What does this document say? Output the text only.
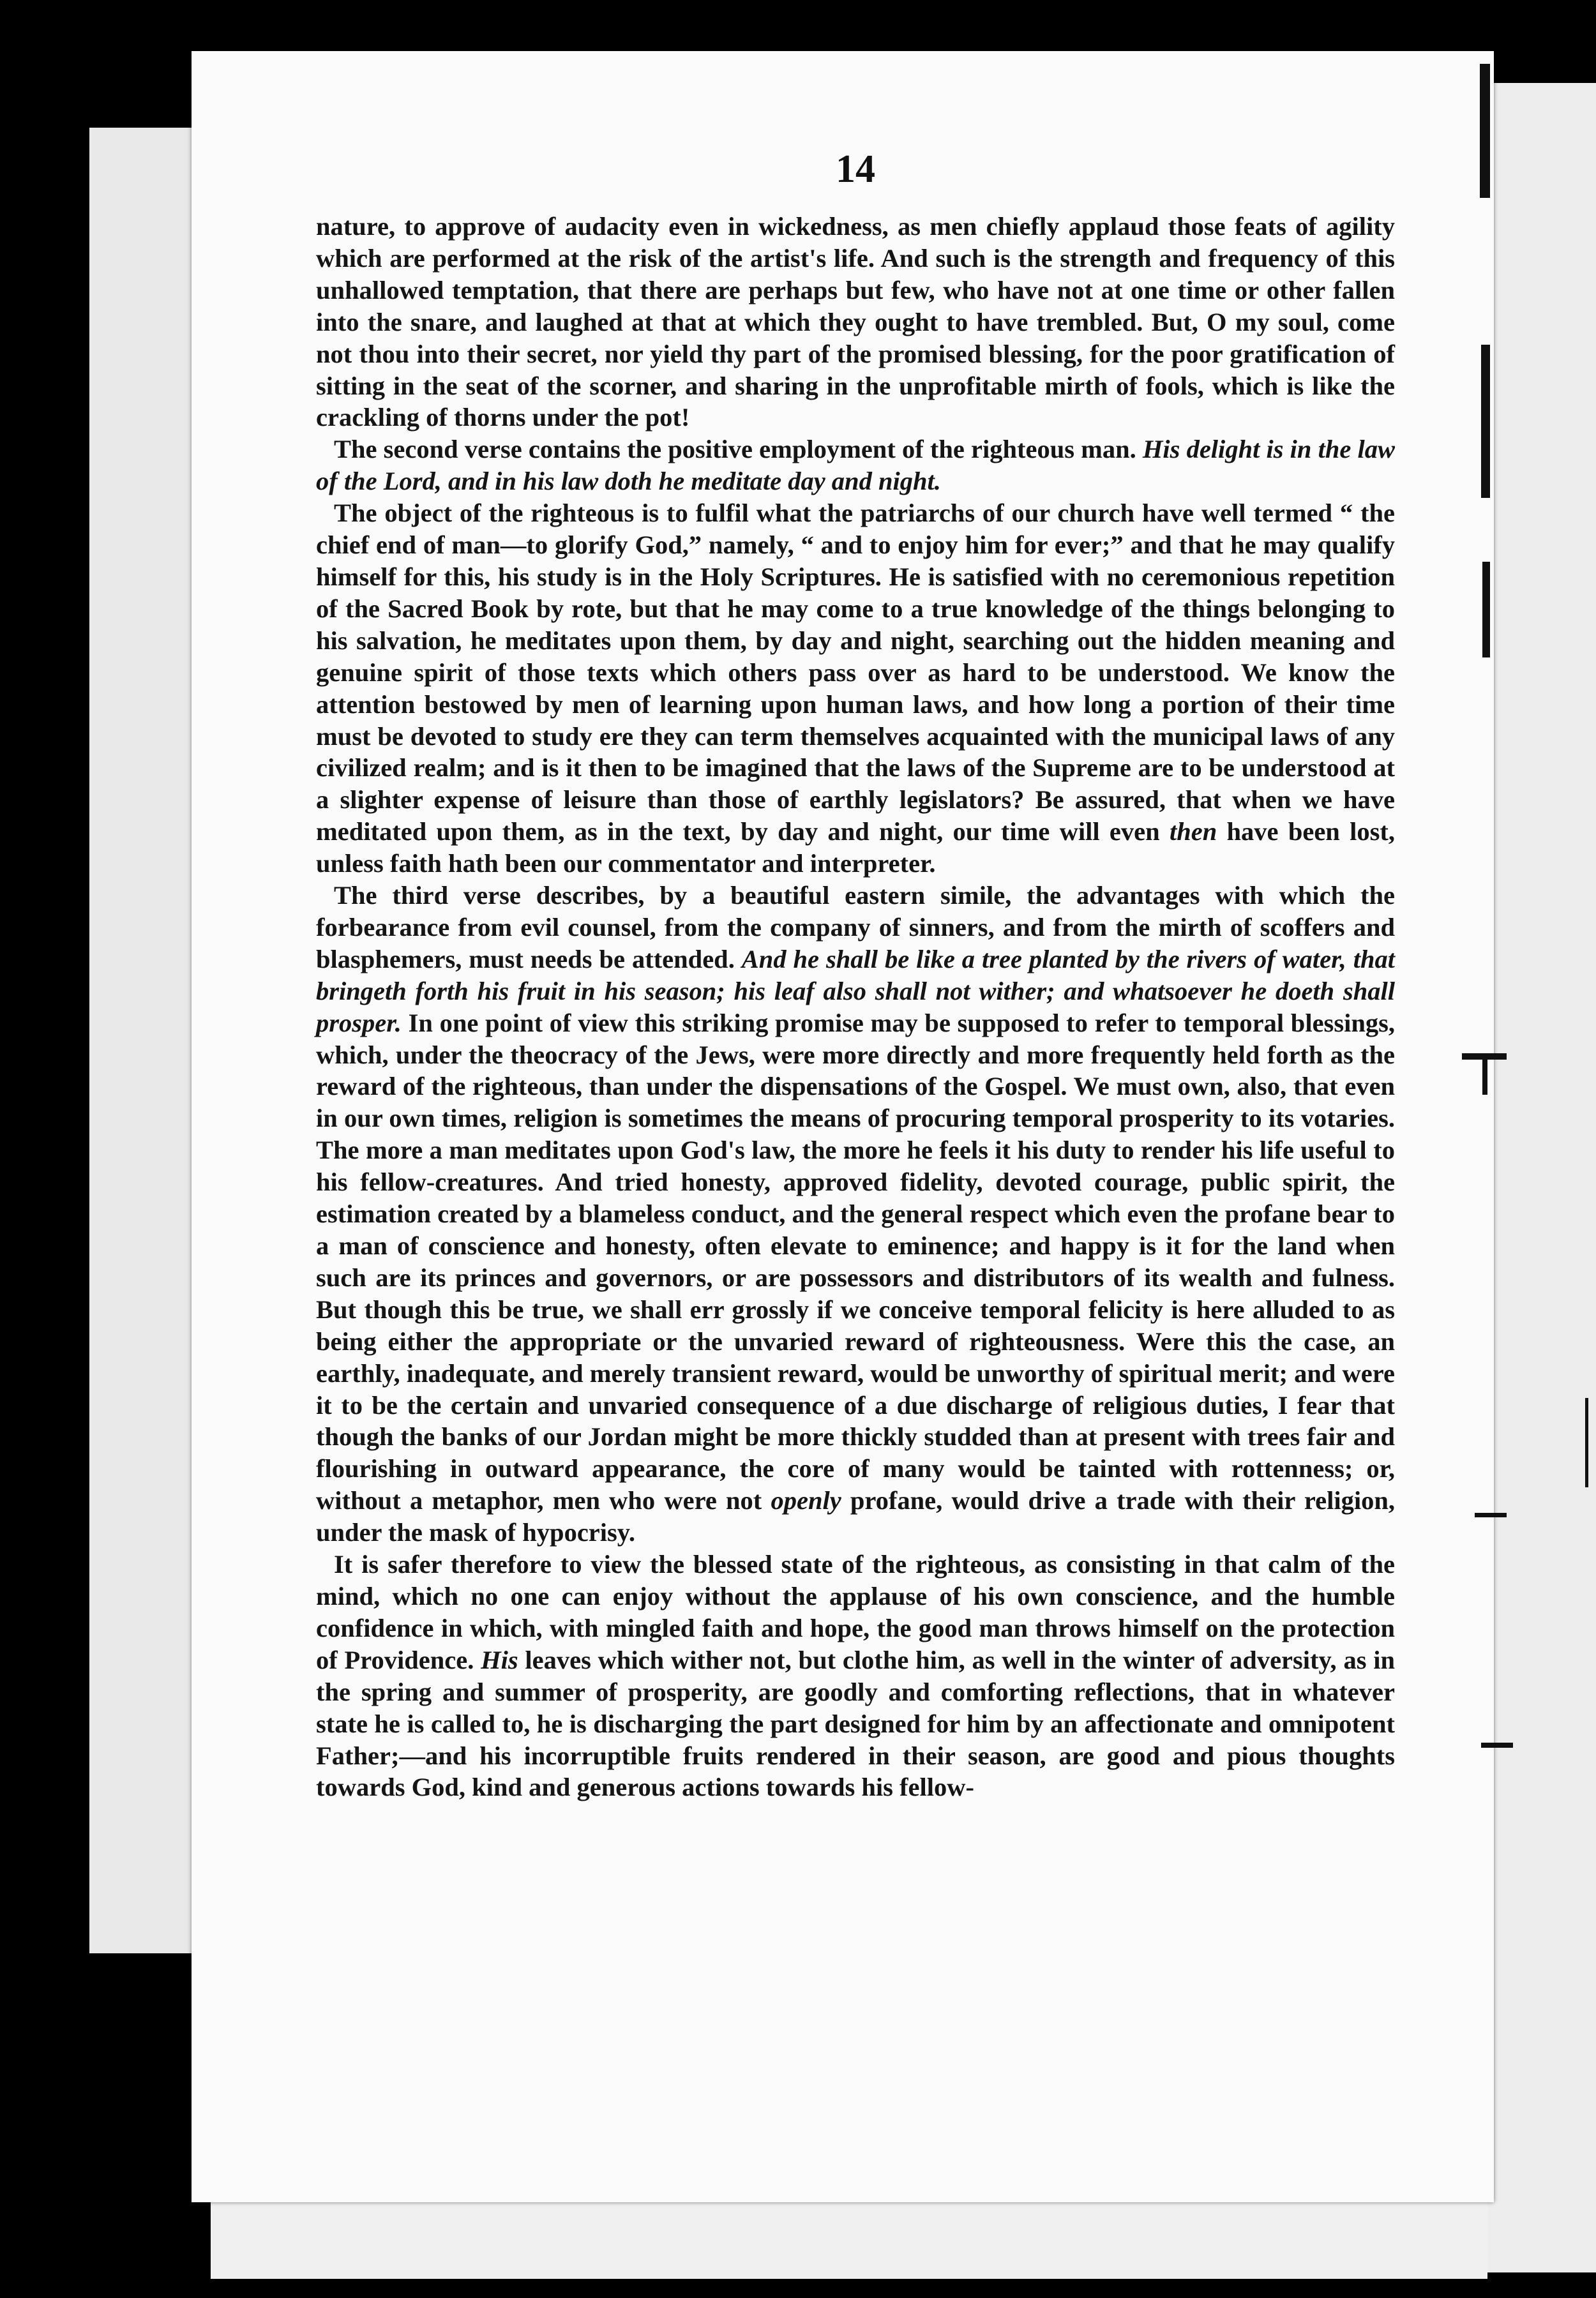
14

nature, to approve of audacity even in wickedness, as men chiefly applaud those feats of agility which are performed at the risk of the artist's life. And such is the strength and frequency of this unhallowed temptation, that there are perhaps but few, who have not at one time or other fallen into the snare, and laughed at that at which they ought to have trembled. But, O my soul, come not thou into their secret, nor yield thy part of the promised blessing, for the poor gratification of sitting in the seat of the scorner, and sharing in the unprofitable mirth of fools, which is like the crackling of thorns under the pot!

The second verse contains the positive employment of the righteous man. His delight is in the law of the Lord, and in his law doth he meditate day and night.

The object of the righteous is to fulfil what the patriarchs of our church have well termed “ the chief end of man—to glorify God,” namely, “ and to enjoy him for ever;” and that he may qualify himself for this, his study is in the Holy Scriptures. He is satisfied with no ceremonious repetition of the Sacred Book by rote, but that he may come to a true knowledge of the things belonging to his salvation, he meditates upon them, by day and night, searching out the hidden meaning and genuine spirit of those texts which others pass over as hard to be understood. We know the attention bestowed by men of learning upon human laws, and how long a portion of their time must be devoted to study ere they can term themselves acquainted with the municipal laws of any civilized realm; and is it then to be imagined that the laws of the Supreme are to be understood at a slighter expense of leisure than those of earthly legislators? Be assured, that when we have meditated upon them, as in the text, by day and night, our time will even then have been lost, unless faith hath been our commentator and interpreter.

The third verse describes, by a beautiful eastern simile, the advantages with which the forbearance from evil counsel, from the company of sinners, and from the mirth of scoffers and blasphemers, must needs be attended. And he shall be like a tree planted by the rivers of water, that bringeth forth his fruit in his season; his leaf also shall not wither; and whatsoever he doeth shall prosper. In one point of view this striking promise may be supposed to refer to temporal blessings, which, under the theocracy of the Jews, were more directly and more frequently held forth as the reward of the righteous, than under the dispensations of the Gospel. We must own, also, that even in our own times, religion is sometimes the means of procuring temporal prosperity to its votaries. The more a man meditates upon God's law, the more he feels it his duty to render his life useful to his fellow-creatures. And tried honesty, approved fidelity, devoted courage, public spirit, the estimation created by a blameless conduct, and the general respect which even the profane bear to a man of conscience and honesty, often elevate to eminence; and happy is it for the land when such are its princes and governors, or are possessors and distributors of its wealth and fulness. But though this be true, we shall err grossly if we conceive temporal felicity is here alluded to as being either the appropriate or the unvaried reward of righteousness. Were this the case, an earthly, inadequate, and merely transient reward, would be unworthy of spiritual merit; and were it to be the certain and unvaried consequence of a due discharge of religious duties, I fear that though the banks of our Jordan might be more thickly studded than at present with trees fair and flourishing in outward appearance, the core of many would be tainted with rottenness; or, without a metaphor, men who were not openly profane, would drive a trade with their religion, under the mask of hypocrisy.

It is safer therefore to view the blessed state of the righteous, as consisting in that calm of the mind, which no one can enjoy without the applause of his own conscience, and the humble confidence in which, with mingled faith and hope, the good man throws himself on the protection of Providence. His leaves which wither not, but clothe him, as well in the winter of adversity, as in the spring and summer of prosperity, are goodly and comforting reflections, that in whatever state he is called to, he is discharging the part designed for him by an affectionate and omnipotent Father;—and his incorruptible fruits rendered in their season, are good and pious thoughts towards God, kind and generous actions towards his fellow-
